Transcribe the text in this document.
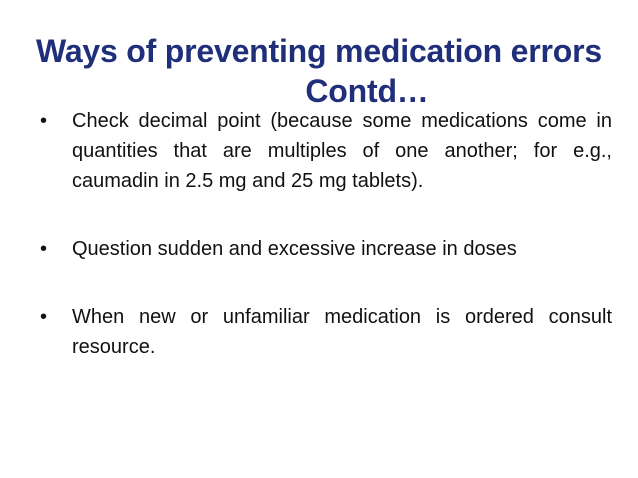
Ways of preventing medication errors
Contd…
•	Check decimal point (because some medications come in quantities that are multiples of one another; for e.g., caumadin in 2.5 mg and 25 mg tablets).
•	Question sudden and excessive increase in doses
•	When new or unfamiliar medication is ordered consult resource.
